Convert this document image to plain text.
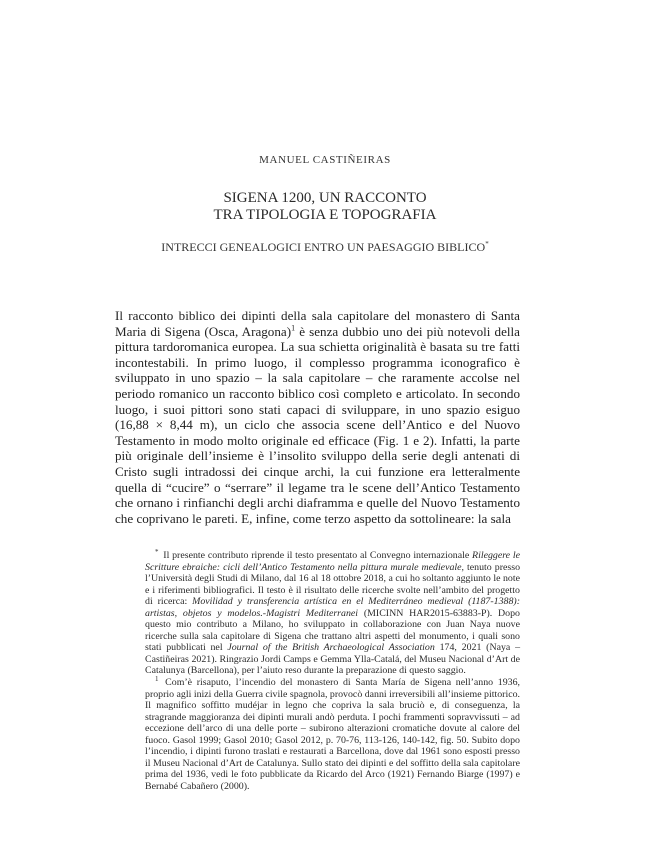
MANUEL CASTIÑEIRAS
SIGENA 1200, UN RACCONTO
TRA TIPOLOGIA E TOPOGRAFIA
INTRECCI GENEALOGICI ENTRO UN PAESAGGIO BIBLICO*

Il racconto biblico dei dipinti della sala capitolare del monastero di Santa Maria di Sigena (Osca, Aragona)$^1$ è senza dubbio uno dei più notevoli della pittura tardoromanica europea. La sua schietta originalità è basata su tre fatti incontestabili. In primo luogo, il complesso programma iconografico è sviluppato in uno spazio – la sala capitolare – che raramente accolse nel periodo romanico un racconto biblico così completo e articolato. In secondo luogo, i suoi pittori sono stati capaci di sviluppare, in uno spazio esiguo (16,88 × 8,44 m), un ciclo che associa scene dell’Antico e del Nuovo Testamento in modo molto originale ed efficace (Fig. 1 e 2). Infatti, la parte più originale dell’insieme è l’insolito sviluppo della serie degli antenati di Cristo sugli intradossi dei cinque archi, la cui funzione era letteralmente quella di “cucire” o “serrare” il legame tra le scene dell’Antico Testamento che ornano i rinfianchi degli archi diaframma e quelle del Nuovo Testamento che coprivano le pareti. E, infine, come terzo aspetto da sottolineare: la sala

* Il presente contributo riprende il testo presentato al Convegno internazionale Rileggere le Scritture ebraiche: cicli dell’Antico Testamento nella pittura murale medievale, tenuto presso l’Università degli Studi di Milano, dal 16 al 18 ottobre 2018, a cui ho soltanto aggiunto le note e i riferimenti bibliografici. Il testo è il risultato delle ricerche svolte nell’ambito del progetto di ricerca: Movilidad y transferencia artística en el Mediterráneo medieval (1187-1388): artistas, objetos y modelos.-Magistri Mediterranei (MICINN HAR2015-63883-P). Dopo questo mio contributo a Milano, ho sviluppato in collaborazione con Juan Naya nuove ricerche sulla sala capitolare di Sigena che trattano altri aspetti del monumento, i quali sono stati pubblicati nel Journal of the British Archaeological Association 174, 2021 (Naya – Castiñeiras 2021). Ringrazio Jordi Camps e Gemma Ylla-Catalá, del Museu Nacional d’Art de Catalunya (Barcellona), per l’aiuto reso durante la preparazione di questo saggio.

$^1$ Com’è risaputo, l’incendio del monastero di Santa María de Sigena nell’anno 1936, proprio agli inizi della Guerra civile spagnola, provocò danni irreversibili all’insieme pittorico. Il magnifico soffitto mudéjar in legno che copriva la sala bruciò e, di conseguenza, la stragrande maggioranza dei dipinti murali andò perduta. I pochi frammenti sopravvissuti – ad eccezione dell’arco di una delle porte – subirono alterazioni cromatiche dovute al calore del fuoco. Gasol 1999; Gasol 2010; Gasol 2012, p. 70-76, 113-126, 140-142, fig. 50. Subito dopo l’incendio, i dipinti furono traslati e restaurati a Barcellona, dove dal 1961 sono esposti presso il Museu Nacional d’Art de Catalunya. Sullo stato dei dipinti e del soffitto della sala capitolare prima del 1936, vedi le foto pubblicate da Ricardo del Arco (1921) Fernando Biarge (1997) e Bernabé Cabañero (2000).
